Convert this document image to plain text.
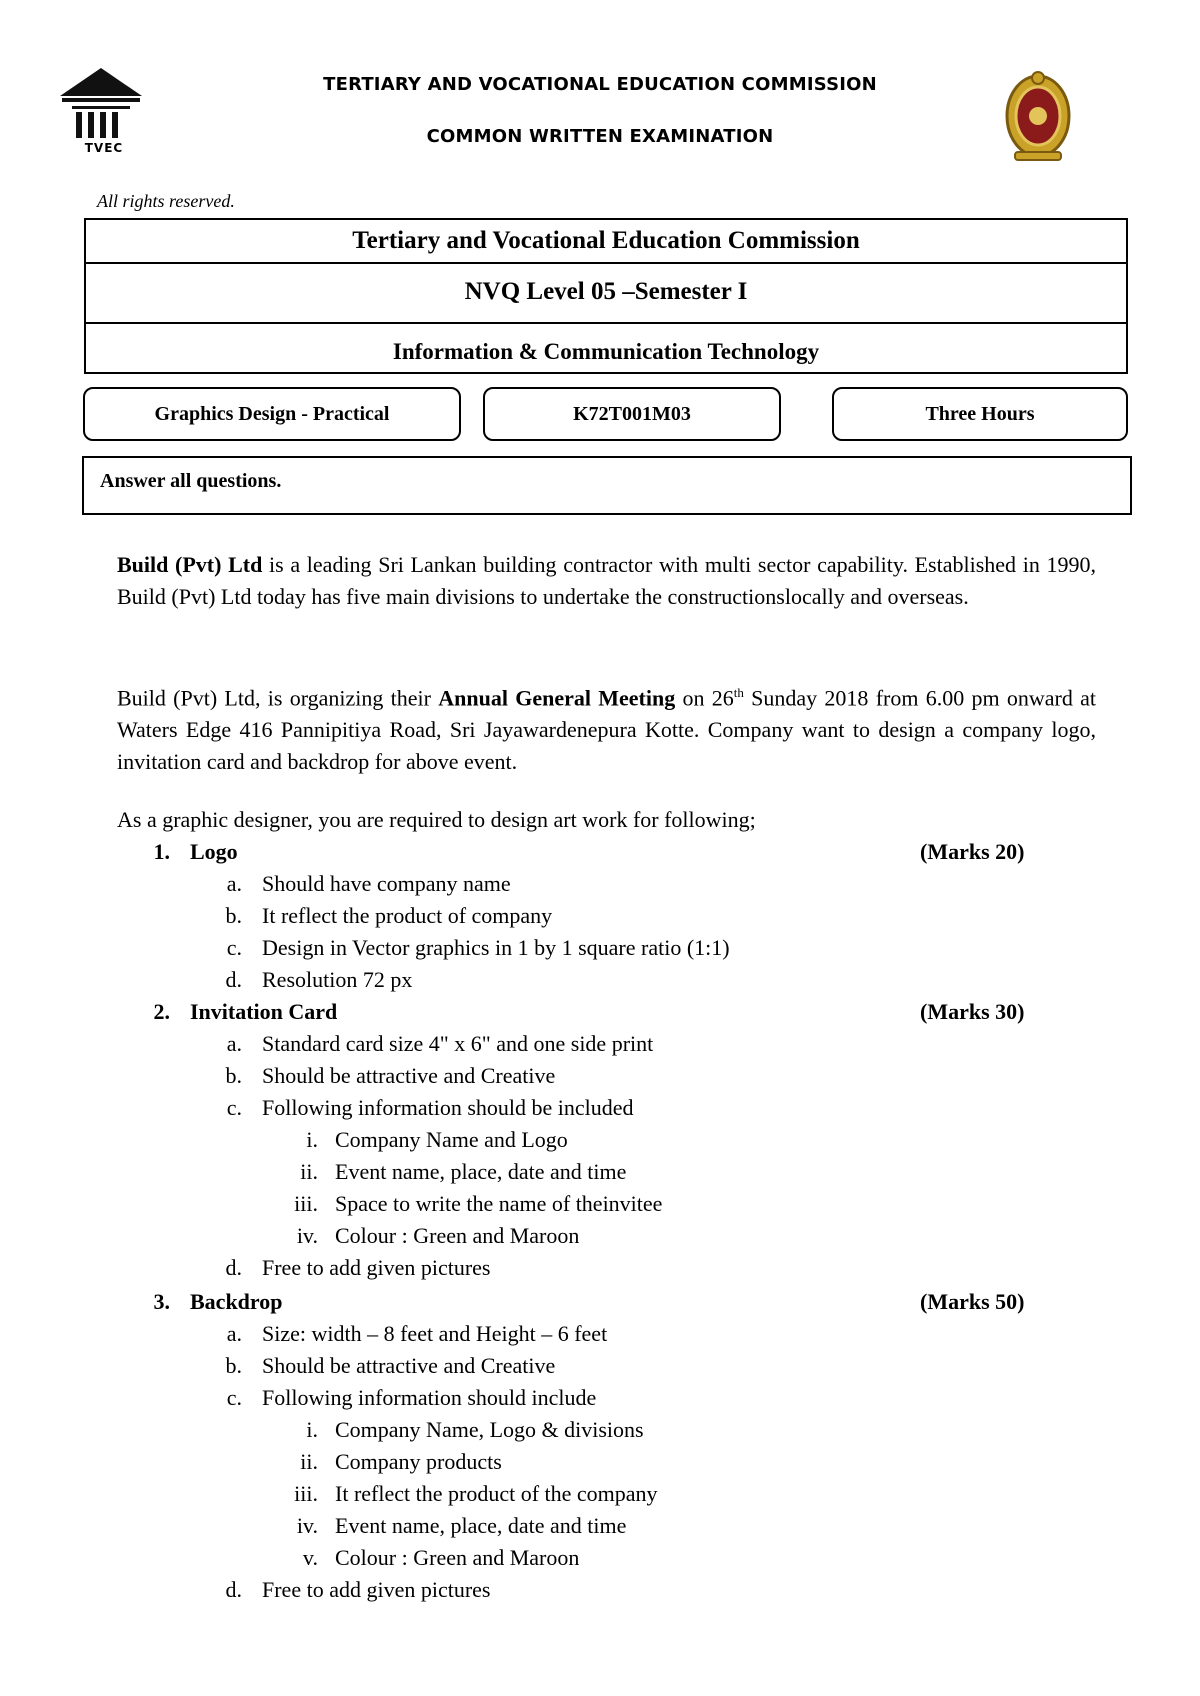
TVEC
TERTIARY AND VOCATIONAL EDUCATION COMMISSION
COMMON WRITTEN EXAMINATION
All rights reserved.
Tertiary and Vocational Education Commission
NVQ Level 05 –Semester I
Information & Communication Technology
Graphics Design - Practical	K72T001M03	Three Hours
Answer all questions.
Build (Pvt) Ltd is a leading Sri Lankan building contractor with multi sector capability. Established in 1990, Build (Pvt) Ltd today has five main divisions to undertake the constructionslocally and overseas.
Build (Pvt) Ltd, is organizing their Annual General Meeting on 26th Sunday 2018 from 6.00 pm onward at Waters Edge 416 Pannipitiya Road, Sri Jayawardenepura Kotte. Company want to design a company logo, invitation card and backdrop for above event.
As a graphic designer, you are required to design art work for following;
1. Logo	(Marks 20)
a. Should have company name
b. It reflect the product of company
c. Design in Vector graphics in 1 by 1 square ratio (1:1)
d. Resolution 72 px
2. Invitation Card	(Marks 30)
a. Standard card size 4" x 6" and one side print
b. Should be attractive and Creative
c. Following information should be included
i. Company Name and Logo
ii. Event name, place, date and time
iii. Space to write the name of theinvitee
iv. Colour : Green and Maroon
d. Free to add given pictures
3. Backdrop	(Marks 50)
a. Size: width – 8 feet and Height – 6 feet
b. Should be attractive and Creative
c. Following information should include
i. Company Name, Logo & divisions
ii. Company products
iii. It reflect the product of the company
iv. Event name, place, date and time
v. Colour : Green and Maroon
d. Free to add given pictures
